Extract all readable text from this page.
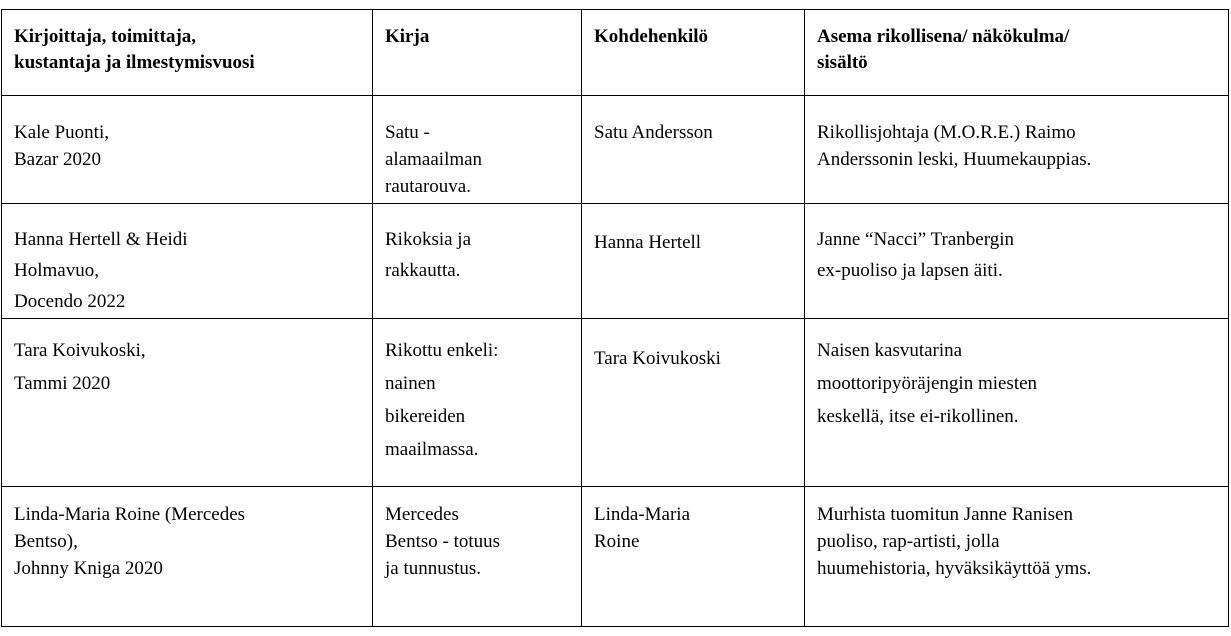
Kirjoittaja, toimittaja,
kustantaja ja ilmestymisvuosi	Kirja	Kohdehenkilö	Asema rikollisena/ näkökulma/
sisältö

Kale Puonti,
Bazar 2020	Satu -
alamaailman
rautarouva.	Satu Andersson	Rikollisjohtaja (M.O.R.E.) Raimo
Anderssonin leski, Huumekauppias.

Hanna Hertell & Heidi
Holmavuo,
Docendo 2022	Rikoksia ja
rakkautta.	Hanna Hertell	Janne “Nacci” Tranbergin
ex-puoliso ja lapsen äiti.

Tara Koivukoski,
Tammi 2020	Rikottu enkeli:
nainen
bikereiden
maailmassa.	Tara Koivukoski	Naisen kasvutarina
moottoripyöräjengin miesten
keskellä, itse ei-rikollinen.

Linda-Maria Roine (Mercedes
Bentso),
Johnny Kniga 2020	Mercedes
Bentso - totuus
ja tunnustus.	Linda-Maria
Roine	Murhista tuomitun Janne Ranisen
puoliso, rap-artisti, jolla
huumehistoria, hyväksikäyttöä yms.
